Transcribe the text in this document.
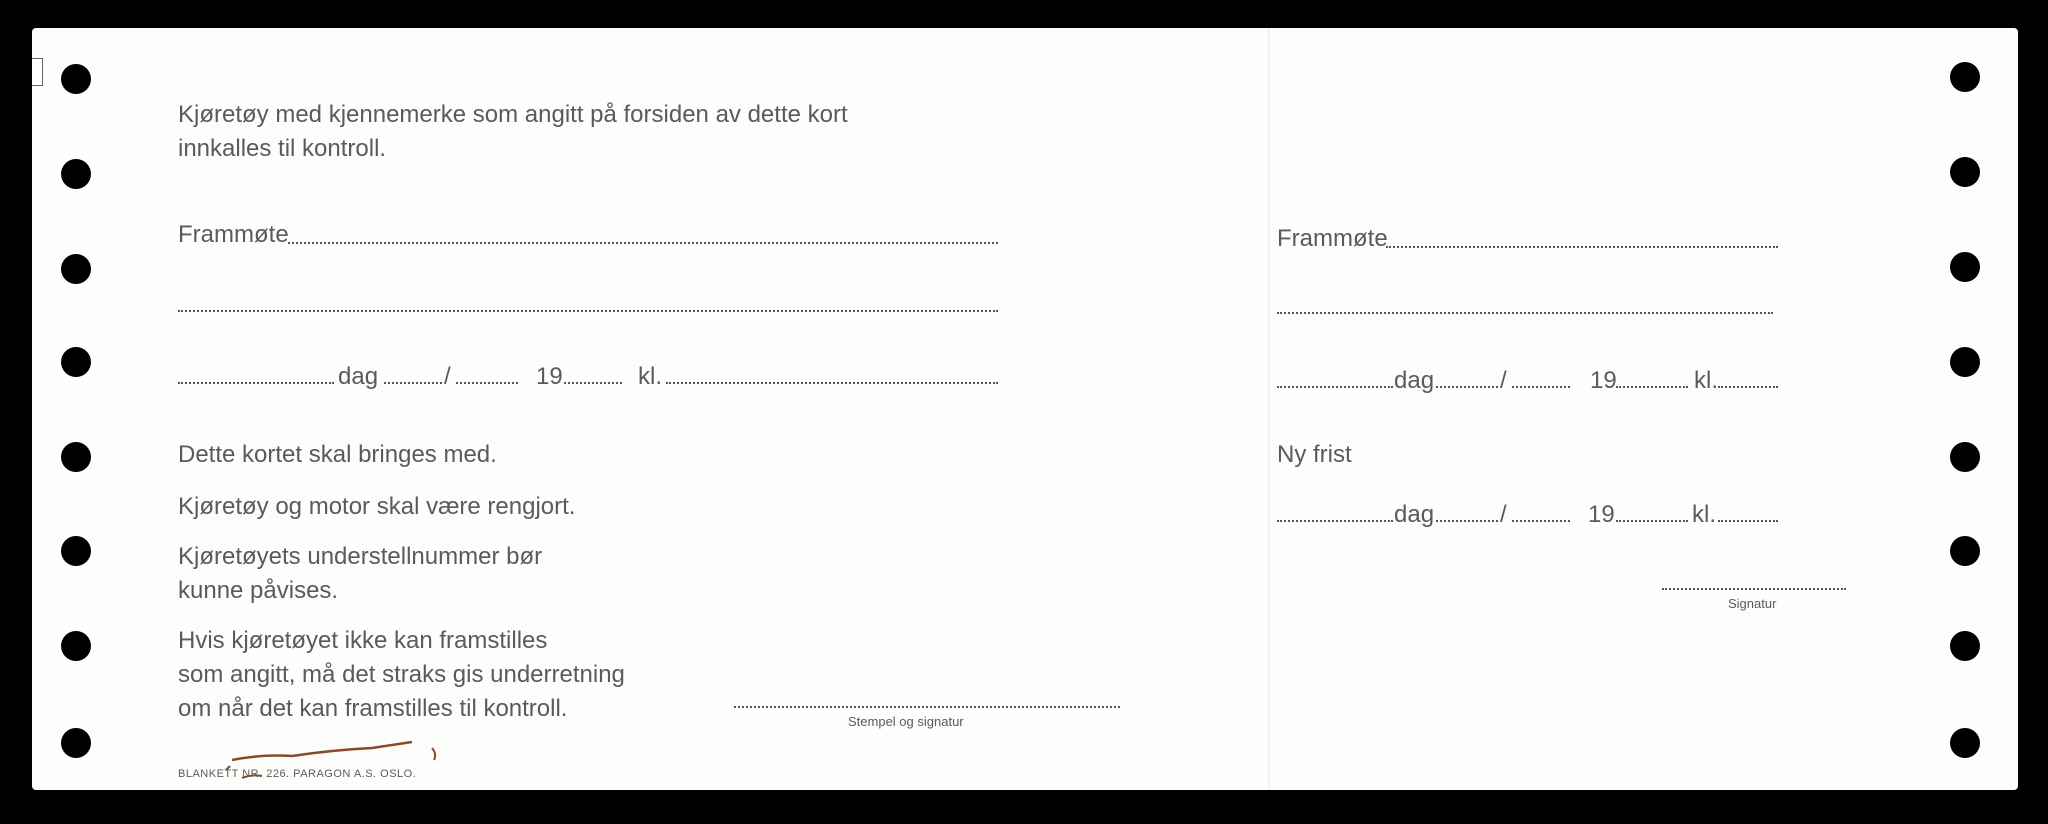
Kjøretøy med kjennemerke som angitt på forsiden av dette kort
innkalles til kontroll.
Frammøte
dag	/	19	kl.
Dette kortet skal bringes med.
Kjøretøy og motor skal være rengjort.
Kjøretøyets understellnummer bør
kunne påvises.
Hvis kjøretøyet ikke kan framstilles
som angitt, må det straks gis underretning
om når det kan framstilles til kontroll.	Stempel og signatur
BLANKETT NR. 226. PARAGON A.S. OSLO.
Frammøte
dag	/	19	kl.
Ny frist
dag	/	19	kl.
Signatur
